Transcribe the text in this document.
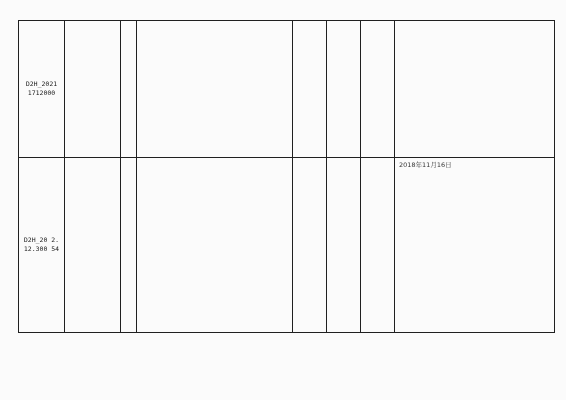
D2H_2021 1712000							
D2H_20 2.12.300 54							2018年11月16日
